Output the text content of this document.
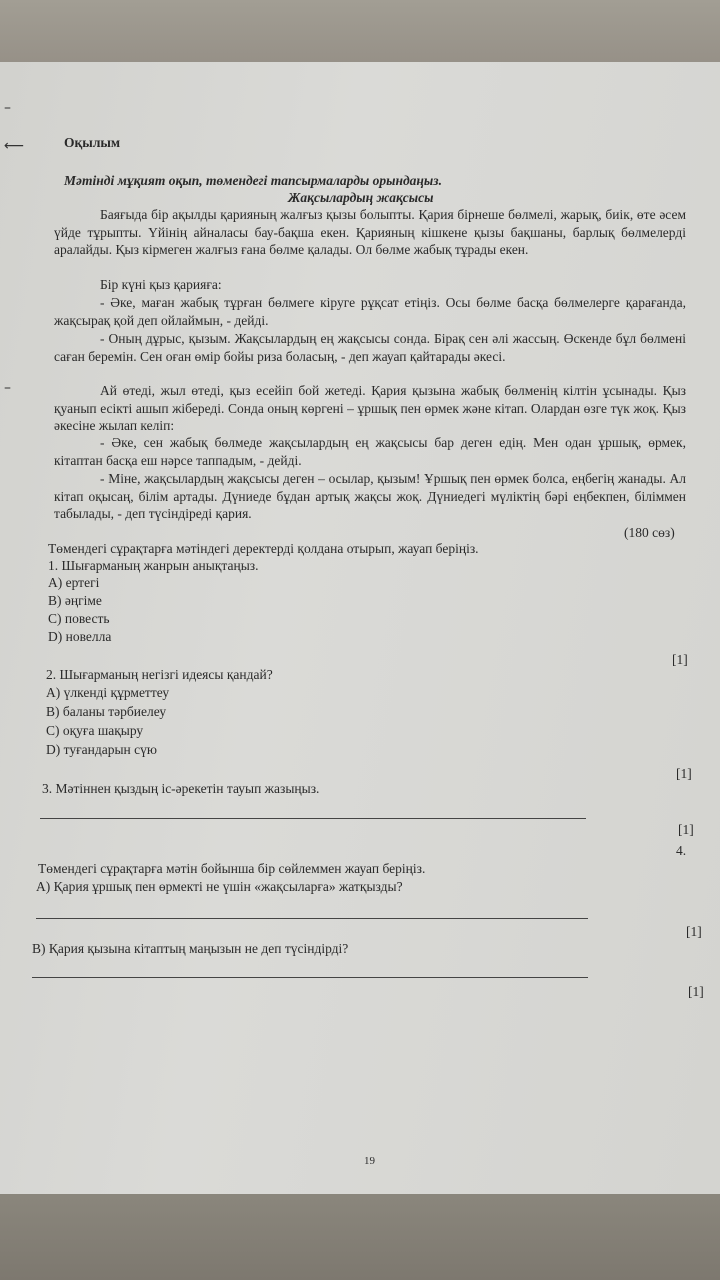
–
⟵
–
Оқылым
Мәтінді мұқият оқып, төмендегі тапсырмаларды орындаңыз.
Жақсылардың жақсысы
Баяғыда бір ақылды қарияның жалғыз қызы болыпты. Қария бірнеше бөлмелі, жарық, биік, өте әсем үйде тұрыпты. Үйінің айналасы бау-бақша екен. Қарияның кішкене қызы бақшаны, барлық бөлмелерді аралайды. Қыз кірмеген жалғыз ғана бөлме қалады. Ол бөлме жабық тұрады екен.
Бір күні қыз қарияға:
- Әке, маған жабық тұрған бөлмеге кіруге рұқсат етіңіз. Осы бөлме басқа бөлмелерге қарағанда, жақсырақ қой деп ойлаймын, - дейді.
- Оның дұрыс, қызым. Жақсылардың ең жақсысы сонда. Бірақ сен әлі жассың. Өскенде бұл бөлмені саған беремін. Сен оған өмір бойы риза боласың, - деп жауап қайтарады әкесі.
Ай өтеді, жыл өтеді, қыз есейіп бой жетеді. Қария қызына жабық бөлменің кілтін ұсынады. Қыз қуанып есікті ашып жібереді. Сонда оның көргені – ұршық пен өрмек және кітап. Олардан өзге түк жоқ. Қыз әкесіне жылап келіп:
- Әке, сен жабық бөлмеде жақсылардың ең жақсысы бар деген едің. Мен одан ұршық, өрмек, кітаптан басқа еш нәрсе таппадым, - дейді.
- Міне, жақсылардың жақсысы деген – осылар, қызым! Ұршық пен өрмек болса, еңбегің жанады. Ал кітап оқысаң, білім артады. Дүниеде бұдан артық жақсы жоқ. Дүниедегі мүліктің бәрі еңбекпен, біліммен табылады, - деп түсіндіреді қария.
(180 сөз)
Төмендегі сұрақтарға мәтіндегі деректерді қолдана отырып, жауап беріңіз.
1. Шығарманың жанрын анықтаңыз.
A) ертегі
B) әңгіме
C) повесть
D) новелла
[1]
2. Шығарманың негізгі идеясы қандай?
A) үлкенді құрметтеу
B) баланы тәрбиелеу
C) оқуға шақыру
D) туғандарын сүю
[1]
3. Мәтіннен қыздың іс-әрекетін тауып жазыңыз.
[1]
4.
Төмендегі сұрақтарға мәтін бойынша бір сөйлеммен жауап беріңіз.
A) Қария ұршық пен өрмекті не үшін «жақсыларға» жатқызды?
[1]
B) Қария қызына кітаптың маңызын не деп түсіндірді?
[1]
19
